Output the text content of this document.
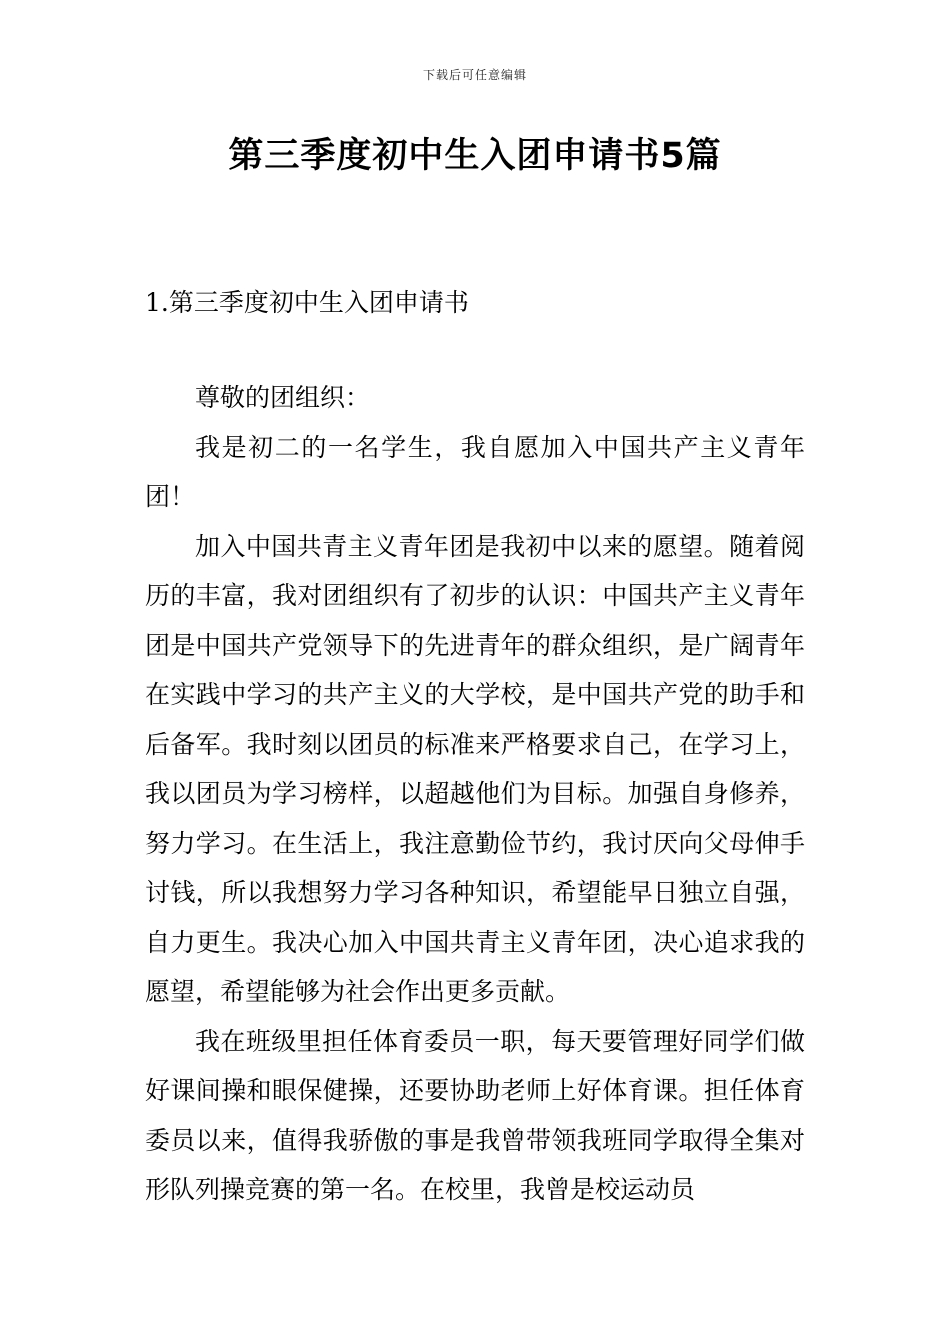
下载后可任意编辑
第三季度初中生入团申请书5篇
1.第三季度初中生入团申请书

尊敬的团组织：

我是初二的一名学生，我自愿加入中国共产主义青年团！

加入中国共青主义青年团是我初中以来的愿望。随着阅历的丰富，我对团组织有了初步的认识：中国共产主义青年团是中国共产党领导下的先进青年的群众组织，是广阔青年在实践中学习的共产主义的大学校，是中国共产党的助手和后备军。我时刻以团员的标准来严格要求自己，在学习上，我以团员为学习榜样，以超越他们为目标。加强自身修养，努力学习。在生活上，我注意勤俭节约，我讨厌向父母伸手讨钱，所以我想努力学习各种知识，希望能早日独立自强，自力更生。我决心加入中国共青主义青年团，决心追求我的愿望，希望能够为社会作出更多贡献。

我在班级里担任体育委员一职，每天要管理好同学们做好课间操和眼保健操，还要协助老师上好体育课。担任体育委员以来，值得我骄傲的事是我曾带领我班同学取得全集对形队列操竞赛的第一名。在校里，我曾是校运动员
